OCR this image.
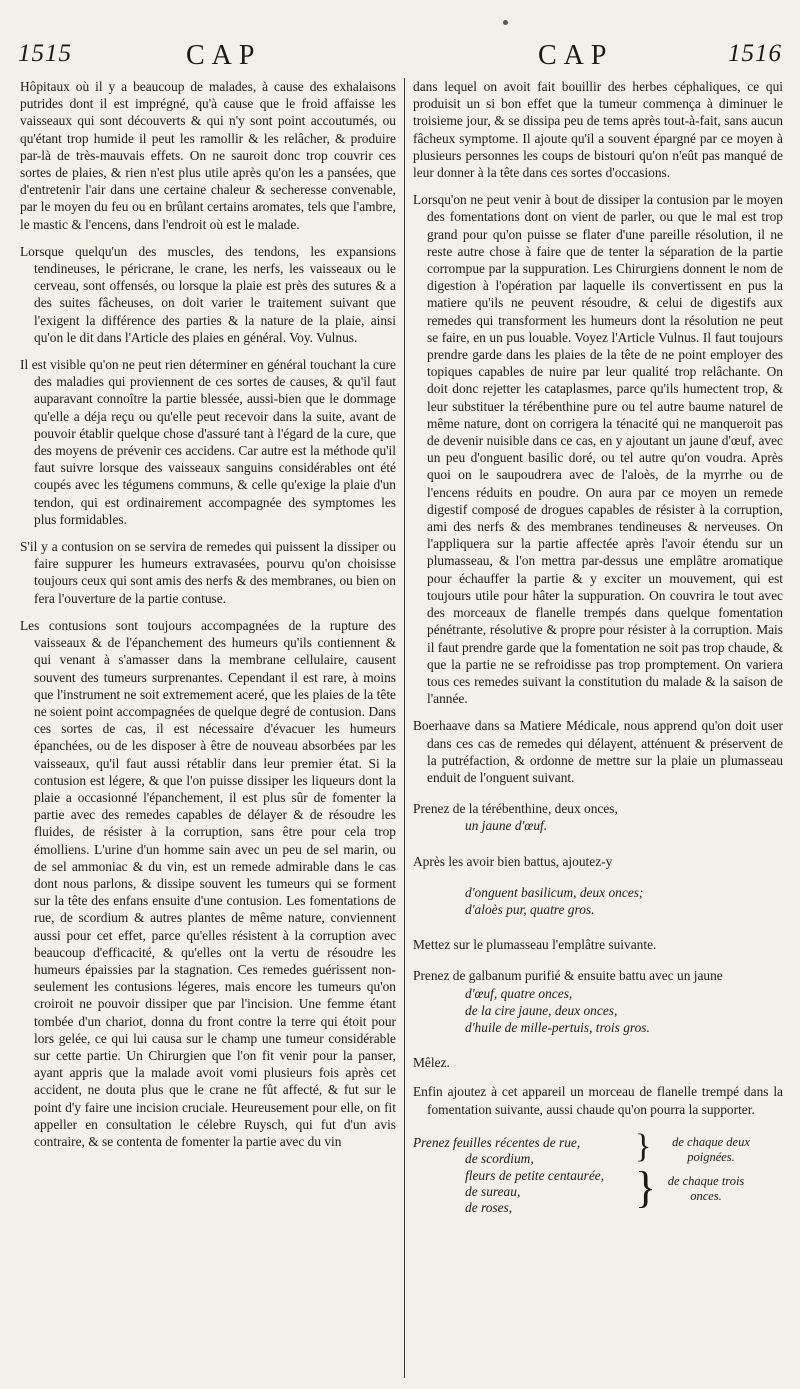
1515	CAP	CAP	1516

Hôpitaux où il y a beaucoup de malades, à cause des exhalaisons putrides dont il est imprégné, qu'à cause que le froid affaisse les vaisseaux qui sont découverts & qui n'y sont point accoutumés, ou qu'étant trop humide il peut les ramollir & les relâcher, & produire par-là de très-mauvais effets. On ne sauroit donc trop couvrir ces sortes de plaies, & rien n'est plus utile après qu'on les a pansées, que d'entretenir l'air dans une certaine chaleur & secheresse convenable, par le moyen du feu ou en brûlant certains aromates, tels que l'ambre, le mastic & l'encens, dans l'endroit où est le malade.

Lorsque quelqu'un des muscles, des tendons, les expansions tendineuses, le péricrane, le crane, les nerfs, les vaisseaux ou le cerveau, sont offensés, ou lorsque la plaie est près des sutures & a des suites fâcheuses, on doit varier le traitement suivant que l'exigent la différence des parties & la nature de la plaie, ainsi qu'on le dit dans l'Article des plaies en général. Voy. Vulnus.

Il est visible qu'on ne peut rien déterminer en général touchant la cure des maladies qui proviennent de ces sortes de causes, & qu'il faut auparavant connoître la partie blessée, aussi-bien que le dommage qu'elle a déja reçu ou qu'elle peut recevoir dans la suite, avant de pouvoir établir quelque chose d'assuré tant à l'égard de la cure, que des moyens de prévenir ces accidens. Car autre est la méthode qu'il faut suivre lorsque des vaisseaux sanguins considérables ont été coupés avec les tégumens communs, & celle qu'exige la plaie d'un tendon, qui est ordinairement accompagnée des symptomes les plus formidables.

S'il y a contusion on se servira de remedes qui puissent la dissiper ou faire suppurer les humeurs extravasées, pourvu qu'on choisisse toujours ceux qui sont amis des nerfs & des membranes, ou bien on fera l'ouverture de la partie contuse.

Les contusions sont toujours accompagnées de la rupture des vaisseaux & de l'épanchement des humeurs qu'ils contiennent & qui venant à s'amasser dans la membrane cellulaire, causent souvent des tumeurs surprenantes. Cependant il est rare, à moins que l'instrument ne soit extremement aceré, que les plaies de la tête ne soient point accompagnées de quelque degré de contusion. Dans ces sortes de cas, il est nécessaire d'évacuer les humeurs épanchées, ou de les disposer à être de nouveau absorbées par les vaisseaux, qu'il faut aussi rétablir dans leur premier état. Si la contusion est légere, & que l'on puisse dissiper les liqueurs dont la plaie a occasionné l'épanchement, il est plus sûr de fomenter la partie avec des remedes capables de délayer & de résoudre les fluides, de résister à la corruption, sans être pour cela trop émolliens. L'urine d'un homme sain avec un peu de sel marin, ou de sel ammoniac & du vin, est un remede admirable dans le cas dont nous parlons, & dissipe souvent les tumeurs qui se forment sur la tête des enfans ensuite d'une contusion. Les fomentations de rue, de scordium & autres plantes de même nature, conviennent aussi pour cet effet, parce qu'elles résistent à la corruption avec beaucoup d'efficacité, & qu'elles ont la vertu de résoudre les humeurs épaissies par la stagnation. Ces remedes guérissent non-seulement les contusions légeres, mais encore les tumeurs qu'on croiroit ne pouvoir dissiper que par l'incision. Une femme étant tombée d'un chariot, donna du front contre la terre qui étoit pour lors gelée, ce qui lui causa sur le champ une tumeur considérable sur cette partie. Un Chirurgien que l'on fit venir pour la panser, ayant appris que la malade avoit vomi plusieurs fois après cet accident, ne douta plus que le crane ne fût affecté, & fut sur le point d'y faire une incision cruciale. Heureusement pour elle, on fit appeller en consultation le célebre Ruysch, qui fut d'un avis contraire, & se contenta de fomenter la partie avec du vin

dans lequel on avoit fait bouillir des herbes céphaliques, ce qui produisit un si bon effet que la tumeur commença à diminuer le troisieme jour, & se dissipa peu de tems après tout-à-fait, sans aucun fâcheux symptome. Il ajoute qu'il a souvent épargné par ce moyen à plusieurs personnes les coups de bistouri qu'on n'eût pas manqué de leur donner à la tête dans ces sortes d'occasions.

Lorsqu'on ne peut venir à bout de dissiper la contusion par le moyen des fomentations dont on vient de parler, ou que le mal est trop grand pour qu'on puisse se flater d'une pareille résolution, il ne reste autre chose à faire que de tenter la séparation de la partie corrompue par la suppuration. Les Chirurgiens donnent le nom de digestion à l'opération par laquelle ils convertissent en pus la matiere qu'ils ne peuvent résoudre, & celui de digestifs aux remedes qui transforment les humeurs dont la résolution ne peut se faire, en un pus louable. Voyez l'Article Vulnus. Il faut toujours prendre garde dans les plaies de la tête de ne point employer des topiques capables de nuire par leur qualité trop relâchante. On doit donc rejetter les cataplasmes, parce qu'ils humectent trop, & leur substituer la térébenthine pure ou tel autre baume naturel de même nature, dont on corrigera la ténacité qui ne manqueroit pas de devenir nuisible dans ce cas, en y ajoutant un jaune d'œuf, avec un peu d'onguent basilic doré, ou tel autre qu'on voudra. Après quoi on le saupoudrera avec de l'aloès, de la myrrhe ou de l'encens réduits en poudre. On aura par ce moyen un remede digestif composé de drogues capables de résister à la corruption, ami des nerfs & des membranes tendineuses & nerveuses. On l'appliquera sur la partie affectée après l'avoir étendu sur un plumasseau, & l'on mettra par-dessus une emplâtre aromatique pour échauffer la partie & y exciter un mouvement, qui est toujours utile pour hâter la suppuration. On couvrira le tout avec des morceaux de flanelle trempés dans quelque fomentation pénétrante, résolutive & propre pour résister à la corruption. Mais il faut prendre garde que la fomentation ne soit pas trop chaude, & que la partie ne se refroidisse pas trop promptement. On variera tous ces remedes suivant la constitution du malade & la saison de l'année.

Boerhaave dans sa Matiere Médicale, nous apprend qu'on doit user dans ces cas de remedes qui délayent, atténuent & préservent de la putréfaction, & ordonne de mettre sur la plaie un plumasseau enduit de l'onguent suivant.

Prenez de la térébenthine, deux onces,
un jaune d'œuf.
Après les avoir bien battus, ajoutez-y
d'onguent basilicum, deux onces;
d'aloès pur, quatre gros.
Mettez sur le plumasseau l'emplâtre suivante.
Prenez de galbanum purifié & ensuite battu avec un jaune
d'œuf, quatre onces,
de la cire jaune, deux onces,
d'huile de mille-pertuis, trois gros.
Mêlez.

Enfin ajoutez à cet appareil un morceau de flanelle trempé dans la fomentation suivante, aussi chaude qu'on pourra la supporter.

Prenez feuilles récentes de rue,
de scordium,
fleurs de petite centaurée,
de sureau,
de roses,
}
}
de chaque deux poignées.
de chaque trois onces.
